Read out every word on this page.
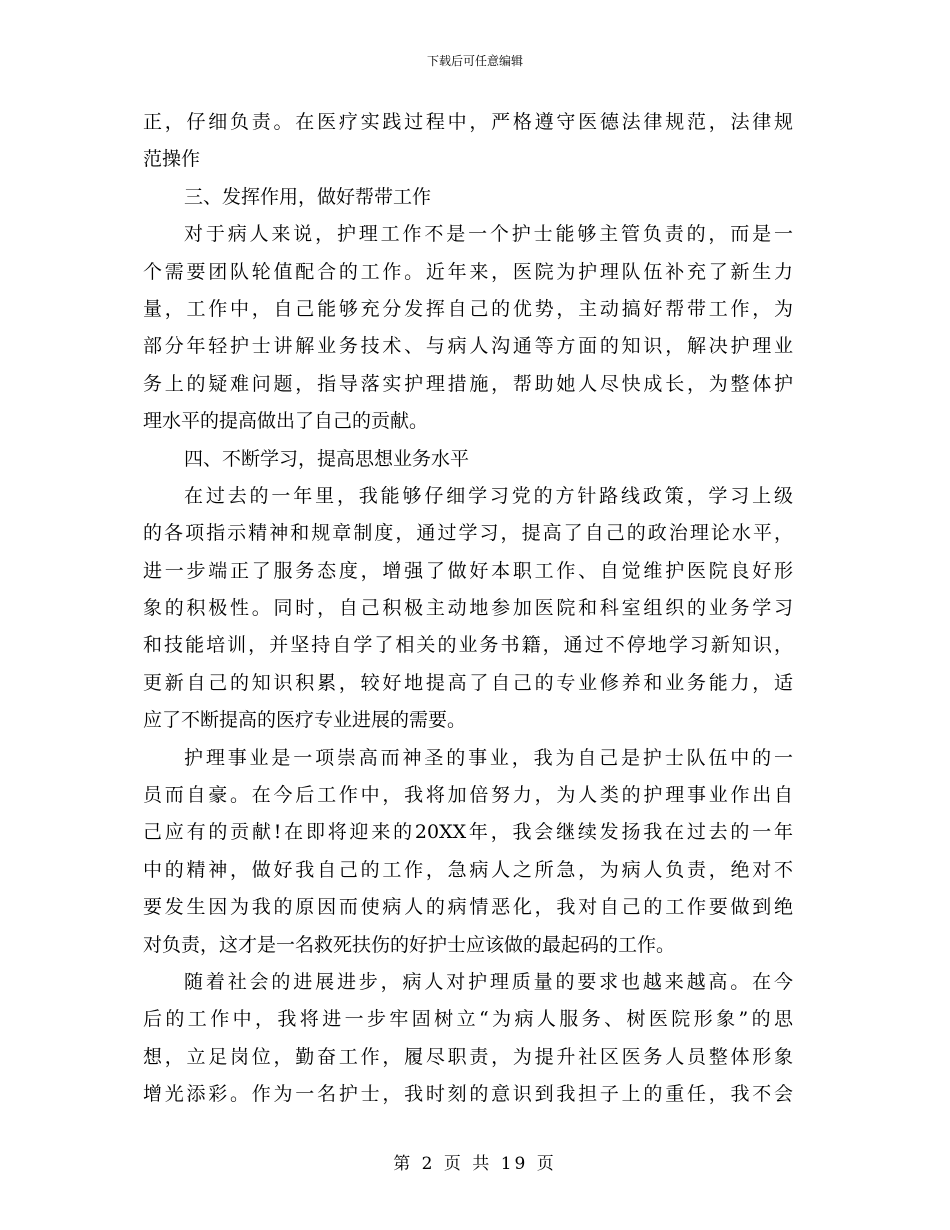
下载后可任意编辑
正，仔细负责。在医疗实践过程中，严格遵守医德法律规范，法律规
范操作
三、发挥作用，做好帮带工作
对于病人来说，护理工作不是一个护士能够主管负责的，而是一
个需要团队轮值配合的工作。近年来，医院为护理队伍补充了新生力
量，工作中，自己能够充分发挥自己的优势，主动搞好帮带工作，为
部分年轻护士讲解业务技术、与病人沟通等方面的知识，解决护理业
务上的疑难问题，指导落实护理措施，帮助她人尽快成长，为整体护
理水平的提高做出了自己的贡献。
四、不断学习，提高思想业务水平
在过去的一年里，我能够仔细学习党的方针路线政策，学习上级
的各项指示精神和规章制度，通过学习，提高了自己的政治理论水平，
进一步端正了服务态度，增强了做好本职工作、自觉维护医院良好形
象的积极性。同时，自己积极主动地参加医院和科室组织的业务学习
和技能培训，并坚持自学了相关的业务书籍，通过不停地学习新知识，
更新自己的知识积累，较好地提高了自己的专业修养和业务能力，适
应了不断提高的医疗专业进展的需要。
护理事业是一项崇高而神圣的事业，我为自己是护士队伍中的一
员而自豪。在今后工作中，我将加倍努力，为人类的护理事业作出自
己应有的贡献!在即将迎来的20XX年，我会继续发扬我在过去的一年
中的精神，做好我自己的工作，急病人之所急，为病人负责，绝对不
要发生因为我的原因而使病人的病情恶化，我对自己的工作要做到绝
对负责，这才是一名救死扶伤的好护士应该做的最起码的工作。
随着社会的进展进步，病人对护理质量的要求也越来越高。在今
后的工作中，我将进一步牢固树立“为病人服务、树医院形象”的思
想，立足岗位，勤奋工作，履尽职责，为提升社区医务人员整体形象
增光添彩。作为一名护士，我时刻的意识到我担子上的重任，我不会
第 2 页 共 19 页
